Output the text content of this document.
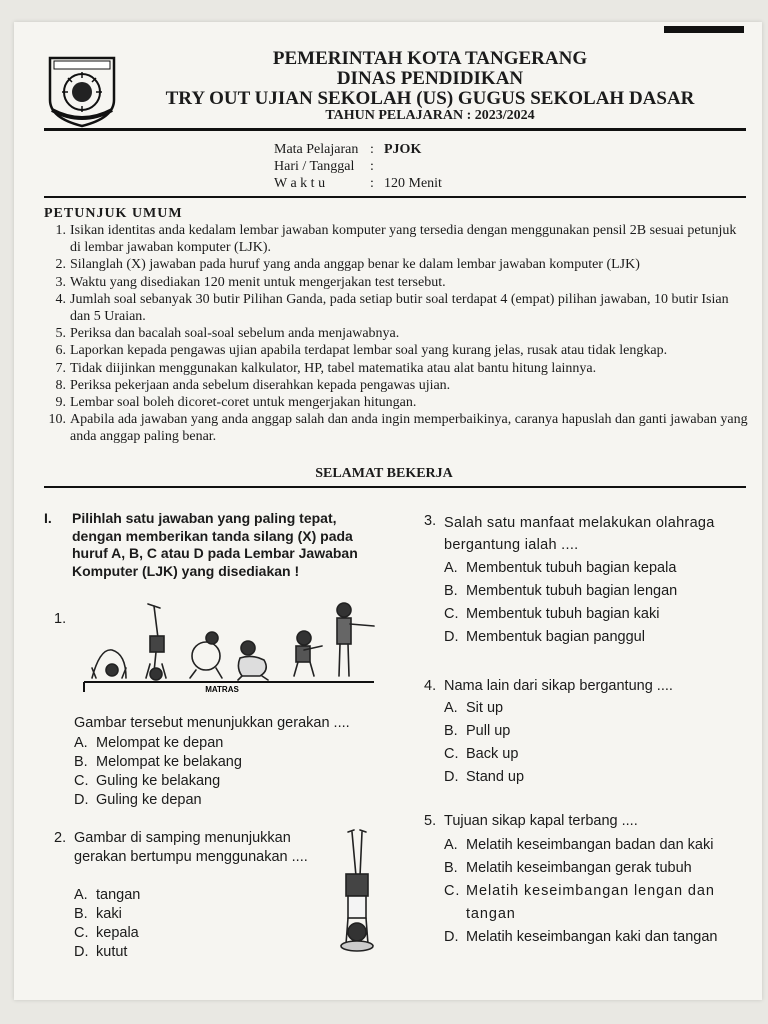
PEMERINTAH KOTA TANGERANG
DINAS PENDIDIKAN
TRY OUT UJIAN SEKOLAH (US) GUGUS SEKOLAH DASAR
TAHUN PELAJARAN : 2023/2024
Mata Pelajaran : PJOK
Hari / Tanggal :
W a k t u	: 120 Menit
PETUNJUK UMUM
1. Isikan identitas anda kedalam lembar jawaban komputer yang tersedia dengan menggunakan pensil 2B sesuai petunjuk di lembar jawaban komputer (LJK).
2. Silanglah (X) jawaban pada huruf yang anda anggap benar ke dalam lembar jawaban komputer (LJK)
3. Waktu yang disediakan 120 menit untuk mengerjakan test tersebut.
4. Jumlah soal sebanyak 30 butir Pilihan Ganda, pada setiap butir soal terdapat 4 (empat) pilihan jawaban, 10 butir Isian dan 5 Uraian.
5. Periksa dan bacalah soal-soal sebelum anda menjawabnya.
6. Laporkan kepada pengawas ujian apabila terdapat lembar soal yang kurang jelas, rusak atau tidak lengkap.
7. Tidak diijinkan menggunakan kalkulator, HP, tabel matematika atau alat bantu hitung lainnya.
8. Periksa pekerjaan anda sebelum diserahkan kepada pengawas ujian.
9. Lembar soal boleh dicoret-coret untuk mengerjakan hitungan.
10. Apabila ada jawaban yang anda anggap salah dan anda ingin memperbaikinya, caranya hapuslah dan ganti jawaban yang anda anggap paling benar.
SELAMAT BEKERJA
I. Pilihlah satu jawaban yang paling tepat, dengan memberikan tanda silang (X) pada huruf A, B, C atau D pada Lembar Jawaban Komputer (LJK) yang disediakan !
1.
MATRAS
Gambar tersebut menunjukkan gerakan ....
A. Melompat ke depan
B. Melompat ke belakang
C. Guling ke belakang
D. Guling ke depan
2. Gambar di samping menunjukkan gerakan bertumpu menggunakan ....
A. tangan
B. kaki
C. kepala
D. kutut
3. Salah satu manfaat melakukan olahraga bergantung ialah ....
A. Membentuk tubuh bagian kepala
B. Membentuk tubuh bagian lengan
C. Membentuk tubuh bagian kaki
D. Membentuk bagian panggul
4. Nama lain dari sikap bergantung ....
A. Sit up
B. Pull up
C. Back up
D. Stand up
5. Tujuan sikap kapal terbang ....
A. Melatih keseimbangan badan dan kaki
B. Melatih keseimbangan gerak tubuh
C. Melatih keseimbangan lengan dan tangan
D. Melatih keseimbangan kaki dan tangan
